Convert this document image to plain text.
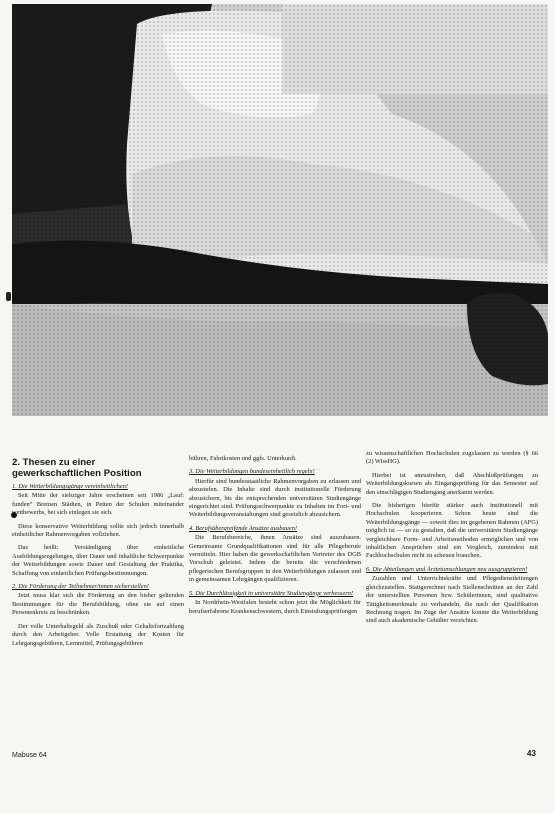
2. Thesen zu einer gewerkschaftlichen Position

1. Die Weiterbildungsgänge vereinheitlichen!

Seit Mitte der siebziger Jahre erscheinen seit 1986 „Lauf: funden“ Bremen Städten, in Petten der Schulen miteinander wettbewerbs, bei sich einlegen sie sich.

Diese konservative Weiterbildung sollte sich jedoch innerhalb einheitlicher Rahmenvorgaben vollziehen.

Das heißt: Verständigung über einheitliche Ausbildungsregelungen, über Dauer und inhaltliche Schwerpunkte der Weiterbildungen sowie Dauer und Gestaltung der Praktika, Schaffung von einheitlichen Prüfungsbestimmungen.

2. Die Förderung der Teilnehmer/innen sicherstellen!

Jetzt muss klar sich die Förderung an den bisher geltenden Bestimmungen für die Berufsbildung, ohne sie auf einen Personenkreis zu beschränken.

Der volle Unterhaltsgeld als Zuschuß oder Gehaltsfortzahlung durch den Arbeitgeber. Volle Erstattung der Kosten für Lehrgangsgebühren, Lernmittel, Prüfungsgebühren

bühren, Fahrtkosten und ggfs. Unterkunft.

3. Die Weiterbildungen bundeseinheitlich regeln!

Hierfür sind bundesstaatliche Rahmenvorgaben zu erlassen und abzustufen. Die Inhalte sind durch institutionelle Förderung abzusichern, bis die entsprechenden universitären Studiengänge eingerichtet sind. Prüfungsschwerpunkte zu Inhalten im Fort- und Weiterbildungsveranstaltungen sind gesetzlich abzusichern.

4. Berufsübergreifende Ansätze ausbauen!

Die Berufsbereiche, ihnen Ansätze sind auszubauen. Gemeinsame Grundqualifikationen sind für alle Pflegeberufe vermitteln. Hier haben die gewerkschaftlichen Vertreter des DGB Vorschub geleistet. Indem die bereits die verschiedenen pflegerischen Berufsgruppen in den Weiterbildungen zulassen und in gemeinsamen Lehrgängen qualifizieren.

5. Die Durchlässigkeit in universitäre Studiengänge verbessern!

In Nordrhein-Westfalen besteht schon jetzt die Möglichkeit für berufserfahrene Krankenschwestern, durch Einstufungsprüfungen

zu wissenschaftlichen Hochschulen zugelassen zu werden (§ 66 (2) WissHG).

Hierbei ist anzustreben, daß Abschlußprüfungen zu Weiterbildungskursen als Eingangsprüfung für das Semester auf den einschlägigen Studiengang anerkannt werden.

Die bisherigen hierfür stärker auch institutionell mit Hochschulen kooperieren. Schon heute sind die Weiterbildungsgänge — soweit dies im gegebenen Rahmen (AFG) möglich ist — so zu gestalten, daß die universitären Studiengänge vergleichbare Form- und Arbeitsmethoden ermöglichen und von inhaltlichen Ansprüchen sind ein Vergleich, zumindest mit Fachhochschulen nicht zu scheuen brauchen.

6. Die Abteilungen und Ärztetumschlungen neu ausgruppieren!

Zuzahlen und Unterrichtskräfte und Pflegedienstleitungen gleichzustellen. Stattgerechnet nach Stellenschnitten an der Zahl der unterstellten Personen bzw. Schülerinnen, sind qualitative Tätigkeitsmerkmale zu verhandeln, die nach der Qualifikation Rechnung tragen. Im Zuge der Ansätze konnte die Weiterbildung sind auch akademische Gehälter verzichten.

Mabuse 64	43
